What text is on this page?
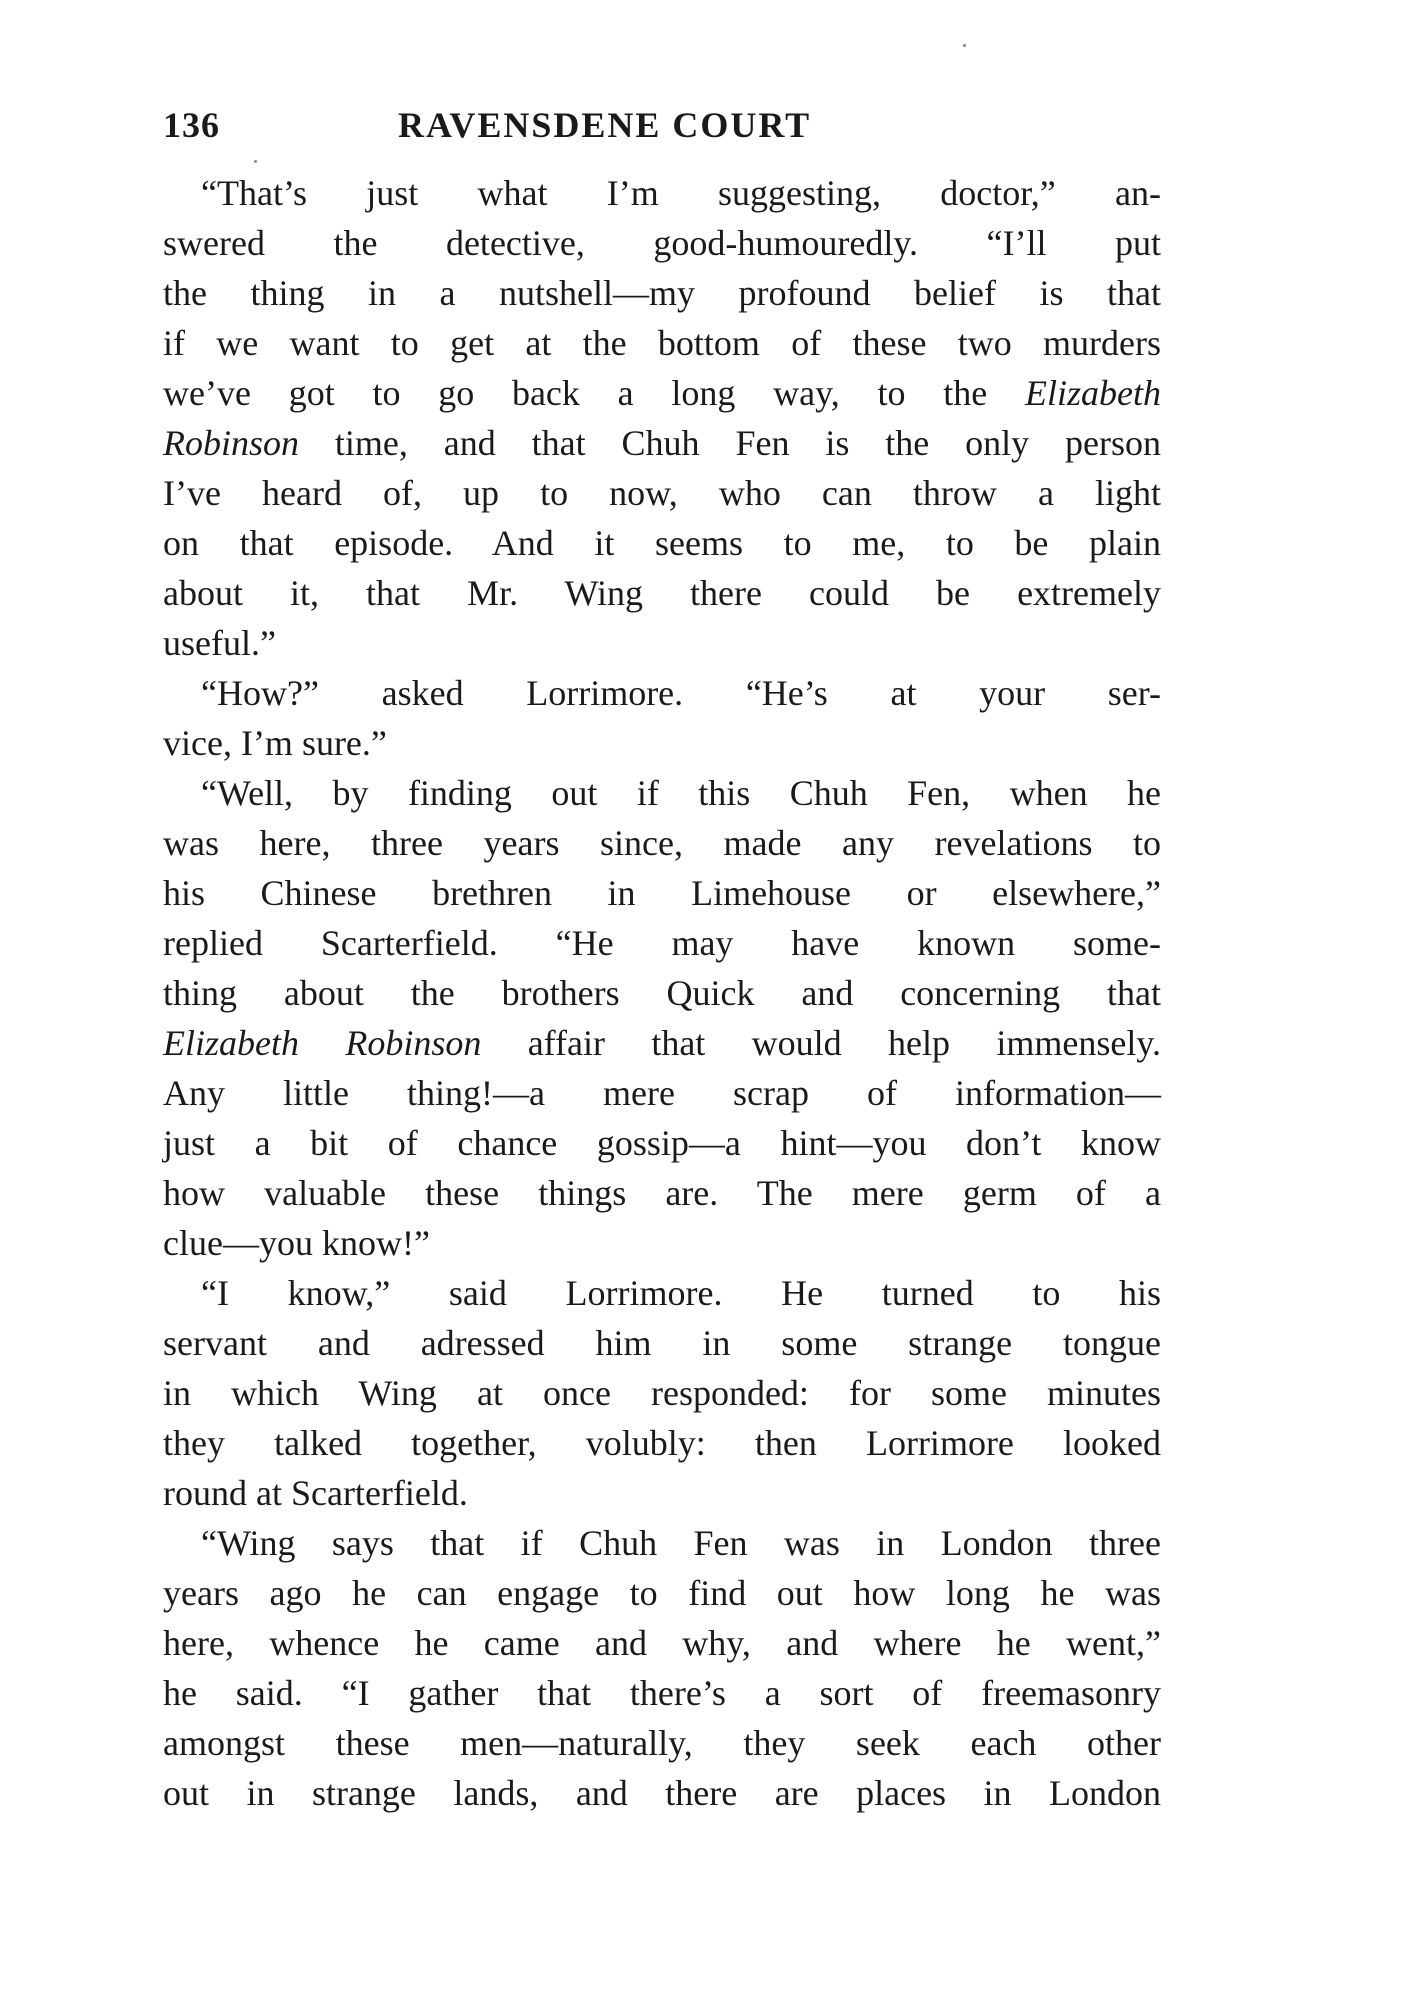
136	RAVENSDENE COURT
“That’s just what I’m suggesting, doctor,” an-
swered the detective, good-humouredly. “I’ll put
the thing in a nutshell—my profound belief is that
if we want to get at the bottom of these two murders
we’ve got to go back a long way, to the Elizabeth
Robinson time, and that Chuh Fen is the only person
I’ve heard of, up to now, who can throw a light
on that episode. And it seems to me, to be plain
about it, that Mr. Wing there could be extremely
useful.”
“How?” asked Lorrimore. “He’s at your ser-
vice, I’m sure.”
“Well, by finding out if this Chuh Fen, when he
was here, three years since, made any revelations to
his Chinese brethren in Limehouse or elsewhere,”
replied Scarterfield. “He may have known some-
thing about the brothers Quick and concerning that
Elizabeth Robinson affair that would help immensely.
Any little thing!—a mere scrap of information—
just a bit of chance gossip—a hint—you don’t know
how valuable these things are. The mere germ of a
clue—you know!”
“I know,” said Lorrimore. He turned to his
servant and adressed him in some strange tongue
in which Wing at once responded: for some minutes
they talked together, volubly: then Lorrimore looked
round at Scarterfield.
“Wing says that if Chuh Fen was in London three
years ago he can engage to find out how long he was
here, whence he came and why, and where he went,”
he said. “I gather that there’s a sort of freemasonry
amongst these men—naturally, they seek each other
out in strange lands, and there are places in London
